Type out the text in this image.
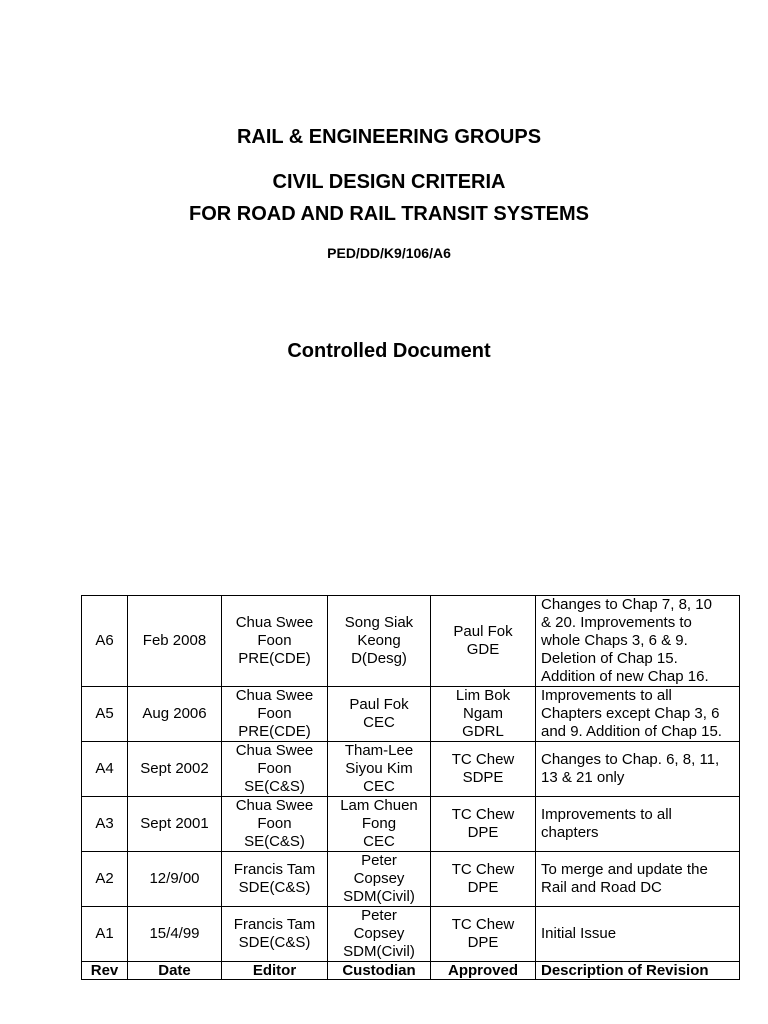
RAIL & ENGINEERING GROUPS
CIVIL DESIGN CRITERIA
FOR ROAD AND RAIL TRANSIT SYSTEMS
PED/DD/K9/106/A6
Controlled Document
A6	Feb 2008	Chua Swee
Foon
PRE(CDE)	Song Siak
Keong
D(Desg)	Paul Fok
GDE	Changes to Chap 7, 8, 10
& 20. Improvements to
whole Chaps 3, 6 & 9.
Deletion of Chap 15.
Addition of new Chap 16.

A5	Aug 2006	Chua Swee
Foon
PRE(CDE)	Paul Fok
CEC	Lim Bok
Ngam
GDRL	Improvements to all
Chapters except Chap 3, 6
and 9. Addition of Chap 15.

A4	Sept 2002	Chua Swee
Foon
SE(C&S)	Tham-Lee
Siyou Kim
CEC	TC Chew
SDPE	Changes to Chap. 6, 8, 11,
13 & 21 only

A3	Sept 2001	Chua Swee
Foon
SE(C&S)	Lam Chuen
Fong
CEC	TC Chew
DPE	Improvements to all
chapters

A2	12/9/00	Francis Tam
SDE(C&S)	Peter
Copsey
SDM(Civil)	TC Chew
DPE	To merge and update the
Rail and Road DC

A1	15/4/99	Francis Tam
SDE(C&S)	Peter
Copsey
SDM(Civil)	TC Chew
DPE	Initial Issue

Rev	Date	Editor	Custodian	Approved	Description of Revision
